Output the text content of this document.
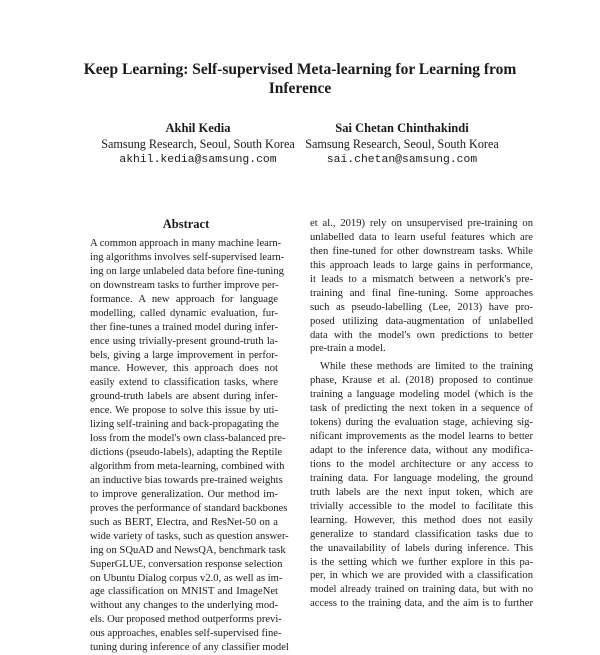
Keep Learning: Self-supervised Meta-learning for Learning from
Inference
Akhil Kedia
Samsung Research, Seoul, South Korea
akhil.kedia@samsung.com
Sai Chetan Chinthakindi
Samsung Research, Seoul, South Korea
sai.chetan@samsung.com
Abstract
A common approach in many machine learn-
ing algorithms involves self-supervised learn-
ing on large unlabeled data before fine-tuning
on downstream tasks to further improve per-
formance. A new approach for language
modelling, called dynamic evaluation, fur-
ther fine-tunes a trained model during infer-
ence using trivially-present ground-truth la-
bels, giving a large improvement in perfor-
mance. However, this approach does not
easily extend to classification tasks, where
ground-truth labels are absent during infer-
ence. We propose to solve this issue by uti-
lizing self-training and back-propagating the
loss from the model's own class-balanced pre-
dictions (pseudo-labels), adapting the Reptile
algorithm from meta-learning, combined with
an inductive bias towards pre-trained weights
to improve generalization. Our method im-
proves the performance of standard backbones
such as BERT, Electra, and ResNet-50 on a
wide variety of tasks, such as question answer-
ing on SQuAD and NewsQA, benchmark task
SuperGLUE, conversation response selection
on Ubuntu Dialog corpus v2.0, as well as im-
age classification on MNIST and ImageNet
without any changes to the underlying mod-
els. Our proposed method outperforms previ-
ous approaches, enables self-supervised fine-
tuning during inference of any classifier model
et al., 2019) rely on unsupervised pre-training on
unlabelled data to learn useful features which are
then fine-tuned for other downstream tasks. While
this approach leads to large gains in performance,
it leads to a mismatch between a network's pre-
training and final fine-tuning. Some approaches
such as pseudo-labelling (Lee, 2013) have pro-
posed utilizing data-augmentation of unlabelled
data with the model's own predictions to better
pre-train a model.
While these methods are limited to the training
phase, Krause et al. (2018) proposed to continue
training a language modeling model (which is the
task of predicting the next token in a sequence of
tokens) during the evaluation stage, achieving sig-
nificant improvements as the model learns to better
adapt to the inference data, without any modifica-
tions to the model architecture or any access to
training data. For language modeling, the ground
truth labels are the next input token, which are
trivially accessible to the model to facilitate this
learning. However, this method does not easily
generalize to standard classification tasks due to
the unavailability of labels during inference. This
is the setting which we further explore in this pa-
per, in which we are provided with a classification
model already trained on training data, but with no
access to the training data, and the aim is to further
